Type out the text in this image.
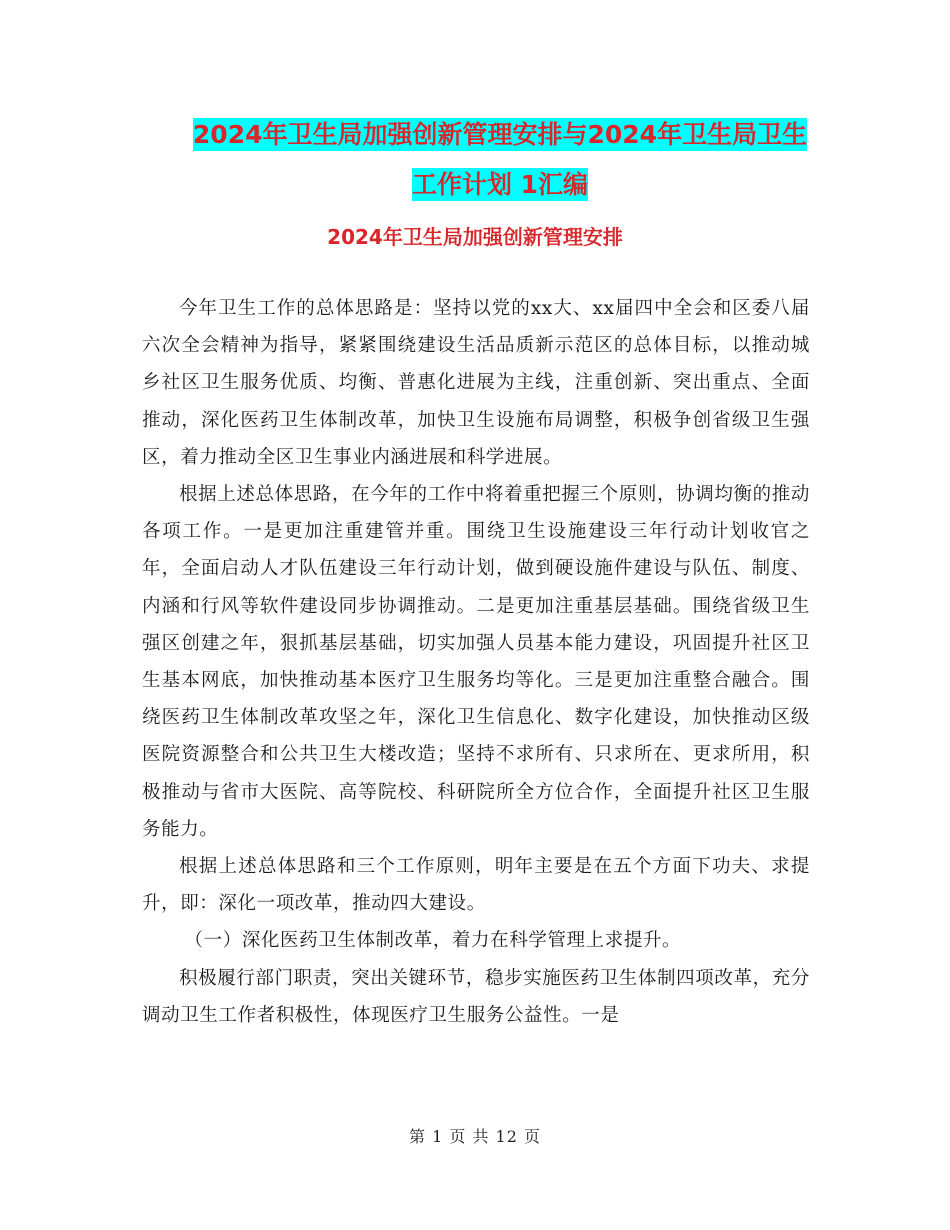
2024年卫生局加强创新管理安排与2024年卫生局卫生
工作计划 1汇编
2024年卫生局加强创新管理安排

今年卫生工作的总体思路是：坚持以党的xx大、xx届四中全会和区委八届六次全会精神为指导，紧紧围绕建设生活品质新示范区的总体目标，以推动城乡社区卫生服务优质、均衡、普惠化进展为主线，注重创新、突出重点、全面推动，深化医药卫生体制改革，加快卫生设施布局调整，积极争创省级卫生强区，着力推动全区卫生事业内涵进展和科学进展。

根据上述总体思路，在今年的工作中将着重把握三个原则，协调均衡的推动各项工作。一是更加注重建管并重。围绕卫生设施建设三年行动计划收官之年，全面启动人才队伍建设三年行动计划，做到硬设施件建设与队伍、制度、内涵和行风等软件建设同步协调推动。二是更加注重基层基础。围绕省级卫生强区创建之年，狠抓基层基础，切实加强人员基本能力建设，巩固提升社区卫生基本网底，加快推动基本医疗卫生服务均等化。三是更加注重整合融合。围绕医药卫生体制改革攻坚之年，深化卫生信息化、数字化建设，加快推动区级医院资源整合和公共卫生大楼改造；坚持不求所有、只求所在、更求所用，积极推动与省市大医院、高等院校、科研院所全方位合作，全面提升社区卫生服务能力。

根据上述总体思路和三个工作原则，明年主要是在五个方面下功夫、求提升，即：深化一项改革，推动四大建设。

（一）深化医药卫生体制改革，着力在科学管理上求提升。

积极履行部门职责，突出关键环节，稳步实施医药卫生体制四项改革，充分调动卫生工作者积极性，体现医疗卫生服务公益性。一是

第 1 页 共 12 页
